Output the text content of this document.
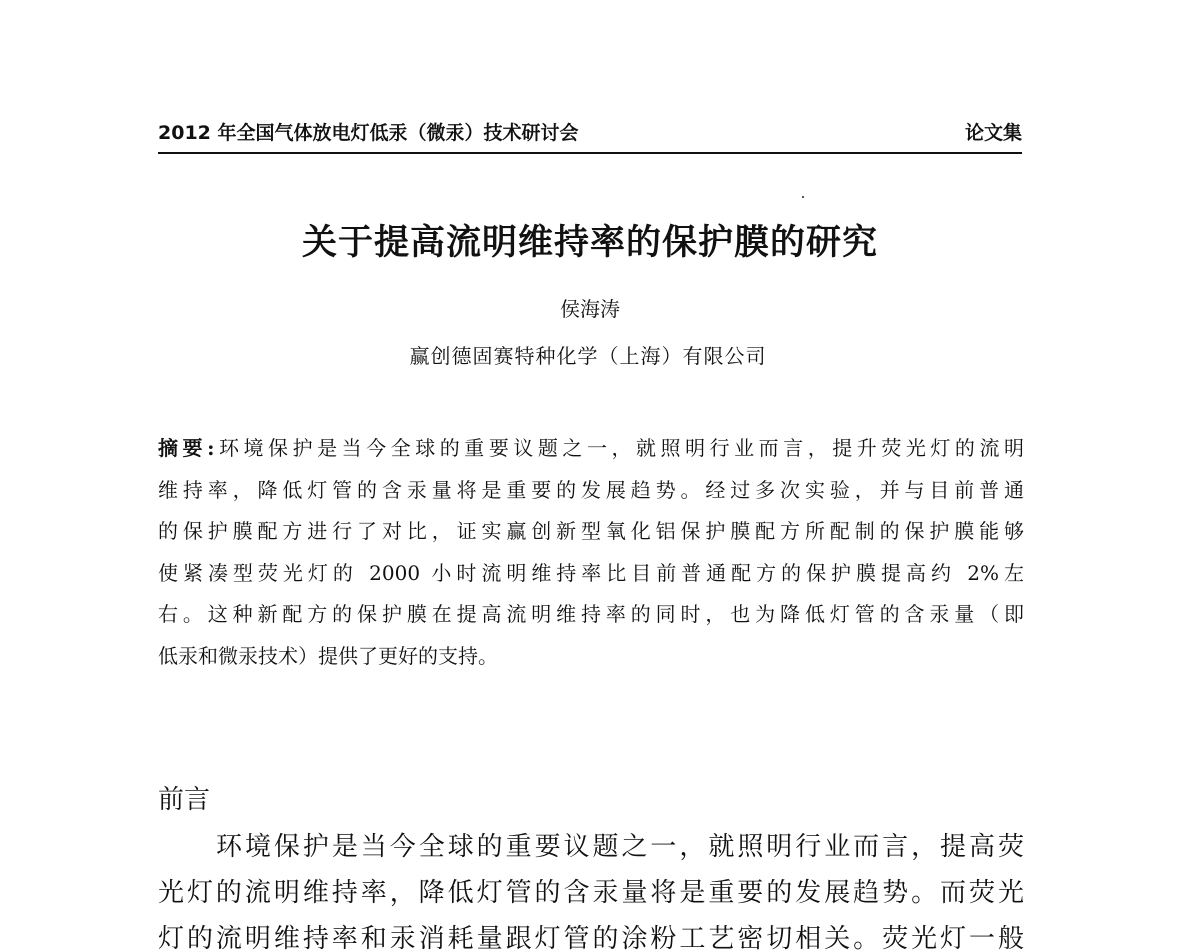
2012 年全国气体放电灯低汞（微汞）技术研讨会	论文集
关于提高流明维持率的保护膜的研究
侯海涛
赢创德固赛特种化学（上海）有限公司
摘要:环境保护是当今全球的重要议题之一，就照明行业而言，提升荧光灯的流明
维持率，降低灯管的含汞量将是重要的发展趋势。经过多次实验，并与目前普通
的保护膜配方进行了对比，证实赢创新型氧化铝保护膜配方所配制的保护膜能够
使紧凑型荧光灯的 2000 小时流明维持率比目前普通配方的保护膜提高约 2%左
右。这种新配方的保护膜在提高流明维持率的同时，也为降低灯管的含汞量（即
低汞和微汞技术）提供了更好的支持。
前言
环境保护是当今全球的重要议题之一，就照明行业而言，提高荧
光灯的流明维持率，降低灯管的含汞量将是重要的发展趋势。而荧光
灯的流明维持率和汞消耗量跟灯管的涂粉工艺密切相关。荧光灯一般
